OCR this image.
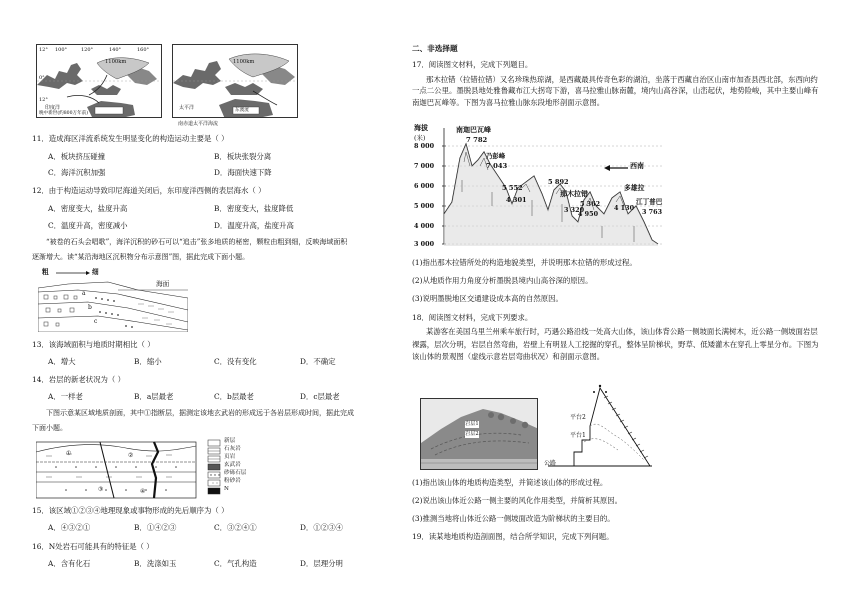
12° 100°	120°	140°	160°
0°
12°
1100km
印度洋
晚中新世(约800万年前)
1100km
太平洋	东澳流
南赤道太平洋海流
11．造成海区洋流系统发生明显变化的构造运动主要是（ ）
A．板块挤压碰撞	B．板块张裂分离
C．海洋沉积加强	D．海面快速下降
12．由于构造运动导致印尼海道关闭后，东印度洋西侧的表层海水（ ）
A．密度变大，盐度升高	B．密度变大，盐度降低
C．温度升高，密度减小	D．温度升高，盐度升高
“被卷的石头会唱歌”，海洋沉积的砂石可以“追击”张多地质的秘密，颗粒由粗到细，反映海域面积
逐渐增大。读“某沿海地区沉积物分布示意图”图，据此完成下面小题。
粗	细
海面
a
b
c
13．该海域面积与地质时期相比（ ）
A．增大	B．缩小	C．没有变化	D．不确定
14．岩层的新老状况为（ ）
A．一样老	B．a层最老	C．b层最老	D．c层最老
下图示意某区域地质剖面，其中①指断层，据测定该地玄武岩的形成远于各岩层形成时间，据此完成
下面小题。
新层
石灰岩
页岩
玄武岩
砂砾石层
粉砂岩
N
①	②
③	④
15．该区域①②③④地理现象或事物形成的先后顺序为（ ）
A．④③②①	B．①④②③	C．③②④①	D．①②③④
16．N处岩石可能具有的特征是（ ）
A．含有化石	B．洗涤如玉	C．气孔构造	D．层理分明
二、非选择题
17．阅读图文材料，完成下列题目。
那木拉错（拉错拉错）又名珍珠热琼湖，是西藏最具传奇色彩的湖泊，坐落于西藏自治区山南市加查县西北部，东西向约一点二公里。墨脱县地处雅鲁藏布江大拐弯下游，喜马拉雅山脉南麓，境内山高谷深，山峦起伏，地势险峻，其中主要山峰有南迦巴瓦峰等。下图为喜马拉雅山脉东段地形剖面示意图。
海拔
(米)
8 000
7 000
6 000
5 000
4 000
3 000
南迦巴瓦峰
7 782
乃彭峰
7 043
5 552
4 301
5 892
那木拉错
5 362
4 950
3 320
多雄拉
4 130
江丁普巴
3 763
西南
(1)指出那木拉错所处的构造地貌类型，并说明那木拉错的形成过程。
(2)从地质作用力角度分析墨脱县境内山高谷深的原因。
(3)说明墨脱地区交通建设成本高的自然原因。
18．阅读图文材料，完成下列要求。
某游客在美国乌里兰州乘车旅行时，巧遇公路沿线一处高大山体，该山体背公路一侧坡面长满树木，近公路一侧坡面岩层裸露，层次分明，岩层自然弯曲，岩壁上有明显人工挖掘的穿孔，整体呈阶梯状，野草、低矮灌木在穿孔上零星分布。下图为该山体的景观图（虚线示意岩层弯曲状况）和剖面示意图。
岩层1
岩层2
公路
平台1
平台2
(1)指出该山体的地质构造类型，并简述该山体的形成过程。
(2)说出该山体近公路一侧主要的风化作用类型，并简析其原因。
(3)推测当地将山体近公路一侧坡面改造为阶梯状的主要目的。
19．读某地地质构造剖面图，结合所学知识，完成下列问题。
